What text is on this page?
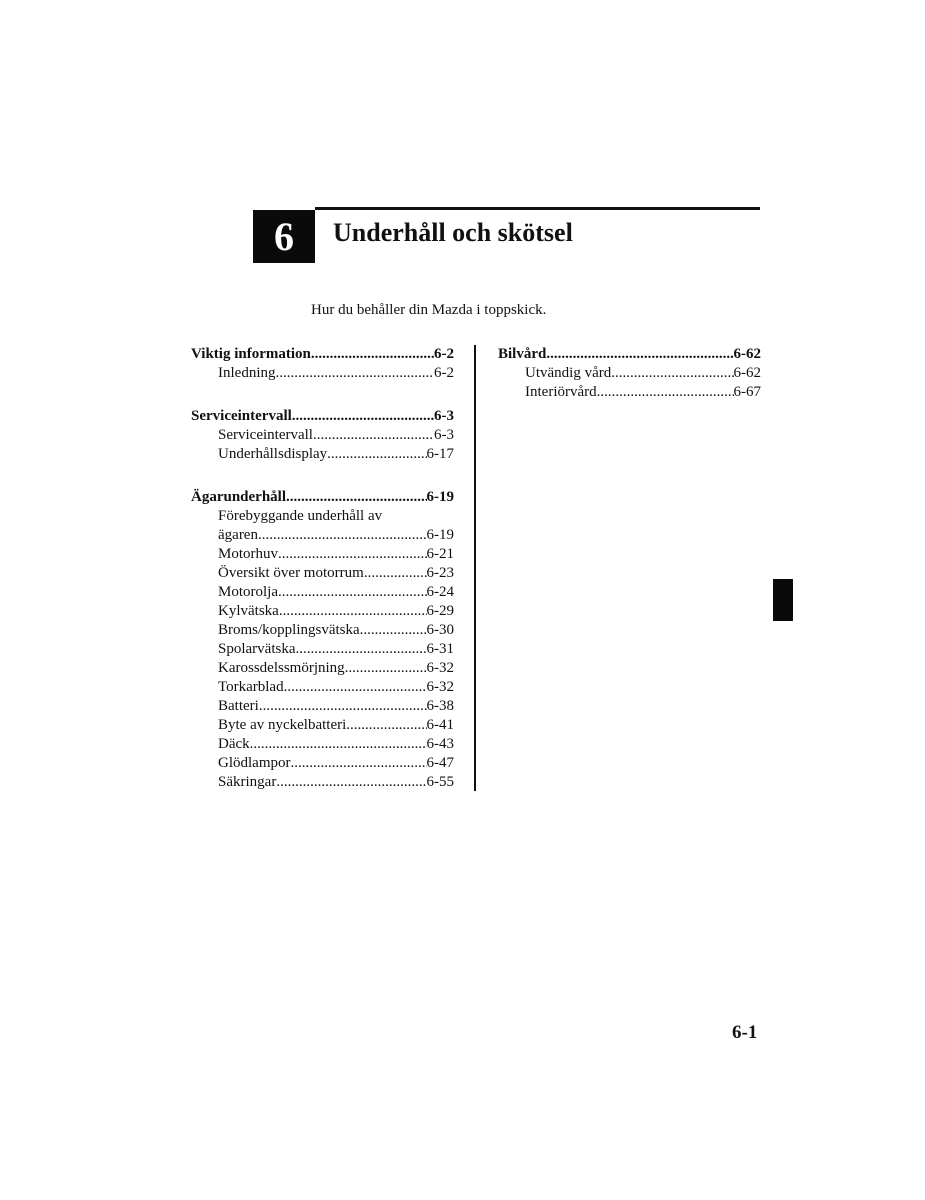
6 Underhåll och skötsel
Hur du behåller din Mazda i toppskick.
Viktig information .....	6-2
Inledning .....	6-2
Serviceintervall .....	6-3
Serviceintervall .....	6-3
Underhållsdisplay .....	6-17
Ägarunderhåll .....	6-19
Förebyggande underhåll av
ägaren .....	6-19
Motorhuv .....	6-21
Översikt över motorrum .....	6-23
Motorolja .....	6-24
Kylvätska .....	6-29
Broms/kopplingsvätska .....	6-30
Spolarvätska .....	6-31
Karossdelssmörjning .....	6-32
Torkarblad .....	6-32
Batteri .....	6-38
Byte av nyckelbatteri .....	6-41
Däck .....	6-43
Glödlampor .....	6-47
Säkringar .....	6-55
Bilvård .....	6-62
Utvändig vård .....	6-62
Interiörvård .....	6-67
6-1
